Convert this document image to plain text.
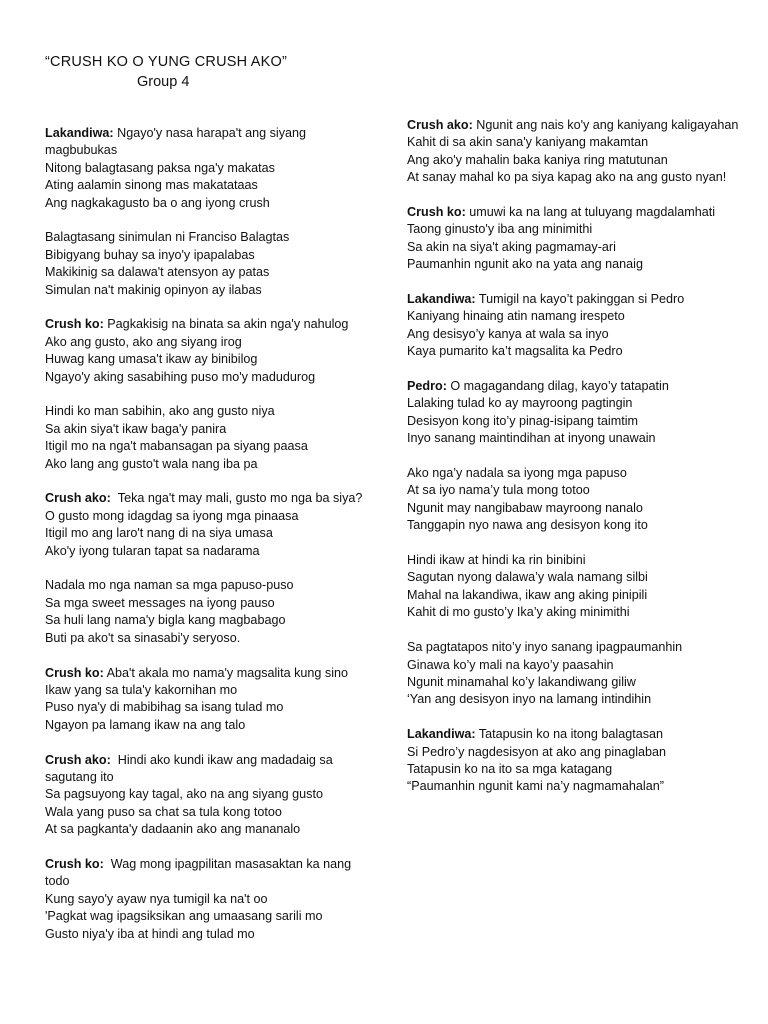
“CRUSH KO O YUNG CRUSH AKO”
Group 4
Lakandiwa: Ngayo'y nasa harapa't ang siyang magbubukas
Nitong balagtasang paksa nga'y makatas
Ating aalamin sinong mas makatataas
Ang nagkakagusto ba o ang iyong crush
Balagtasang sinimulan ni Franciso Balagtas
Bibigyang buhay sa inyo'y ipapalabas
Makikinig sa dalawa't atensyon ay patas
Simulan na't makinig opinyon ay ilabas
Crush ko: Pagkakisig na binata sa akin nga'y nahulog
Ako ang gusto, ako ang siyang irog
Huwag kang umasa't ikaw ay binibilog
Ngayo'y aking sasabihing puso mo'y madudurog
Hindi ko man sabihin, ako ang gusto niya
Sa akin siya't ikaw baga'y panira
Itigil mo na nga't mabansagan pa siyang paasa
Ako lang ang gusto't wala nang iba pa
Crush ako: Teka nga't may mali, gusto mo nga ba siya?
O gusto mong idagdag sa iyong mga pinaasa
Itigil mo ang laro't nang di na siya umasa
Ako'y iyong tularan tapat sa nadarama
Nadala mo nga naman sa mga papuso-puso
Sa mga sweet messages na iyong pauso
Sa huli lang nama'y bigla kang magbabago
Buti pa ako't sa sinasabi'y seryoso.
Crush ko: Aba't akala mo nama'y magsalita kung sino
Ikaw yang sa tula'y kakornihan mo
Puso nya'y di mabibihag sa isang tulad mo
Ngayon pa lamang ikaw na ang talo
Crush ako: Hindi ako kundi ikaw ang madadaig sa sagutang ito
Sa pagsuyong kay tagal, ako na ang siyang gusto
Wala yang puso sa chat sa tula kong totoo
At sa pagkanta'y dadaanin ako ang mananalo
Crush ko: Wag mong ipagpilitan masasaktan ka nang todo
Kung sayo'y ayaw nya tumigil ka na't oo
'Pagkat wag ipagsiksikan ang umaasang sarili mo
Gusto niya'y iba at hindi ang tulad mo
Crush ako: Ngunit ang nais ko'y ang kaniyang kaligayahan
Kahit di sa akin sana'y kaniyang makamtan
Ang ako'y mahalin baka kaniya ring matutunan
At sanay mahal ko pa siya kapag ako na ang gusto nyan!
Crush ko: umuwi ka na lang at tuluyang magdalamhati
Taong ginusto'y iba ang minimithi
Sa akin na siya't aking pagmamay-ari
Paumanhin ngunit ako na yata ang nanaig
Lakandiwa: Tumigil na kayo’t pakinggan si Pedro
Kaniyang hinaing atin namang irespeto
Ang desisyo’y kanya at wala sa inyo
Kaya pumarito ka’t magsalita ka Pedro
Pedro: O magagandang dilag, kayo’y tatapatin
Lalaking tulad ko ay mayroong pagtingin
Desisyon kong ito’y pinag-isipang taimtim
Inyo sanang maintindihan at inyong unawain
Ako nga’y nadala sa iyong mga papuso
At sa iyo nama’y tula mong totoo
Ngunit may nangibabaw mayroong nanalo
Tanggapin nyo nawa ang desisyon kong ito
Hindi ikaw at hindi ka rin binibini
Sagutan nyong dalawa’y wala namang silbi
Mahal na lakandiwa, ikaw ang aking pinipili
Kahit di mo gusto’y Ika’y aking minimithi
Sa pagtatapos nito’y inyo sanang ipagpaumanhin
Ginawa ko’y mali na kayo’y paasahin
Ngunit minamahal ko’y lakandiwang giliw
‘Yan ang desisyon inyo na lamang intindihin
Lakandiwa: Tatapusin ko na itong balagtasan
Si Pedro’y nagdesisyon at ako ang pinaglaban
Tatapusin ko na ito sa mga katagang
“Paumanhin ngunit kami na’y nagmamahalan”
